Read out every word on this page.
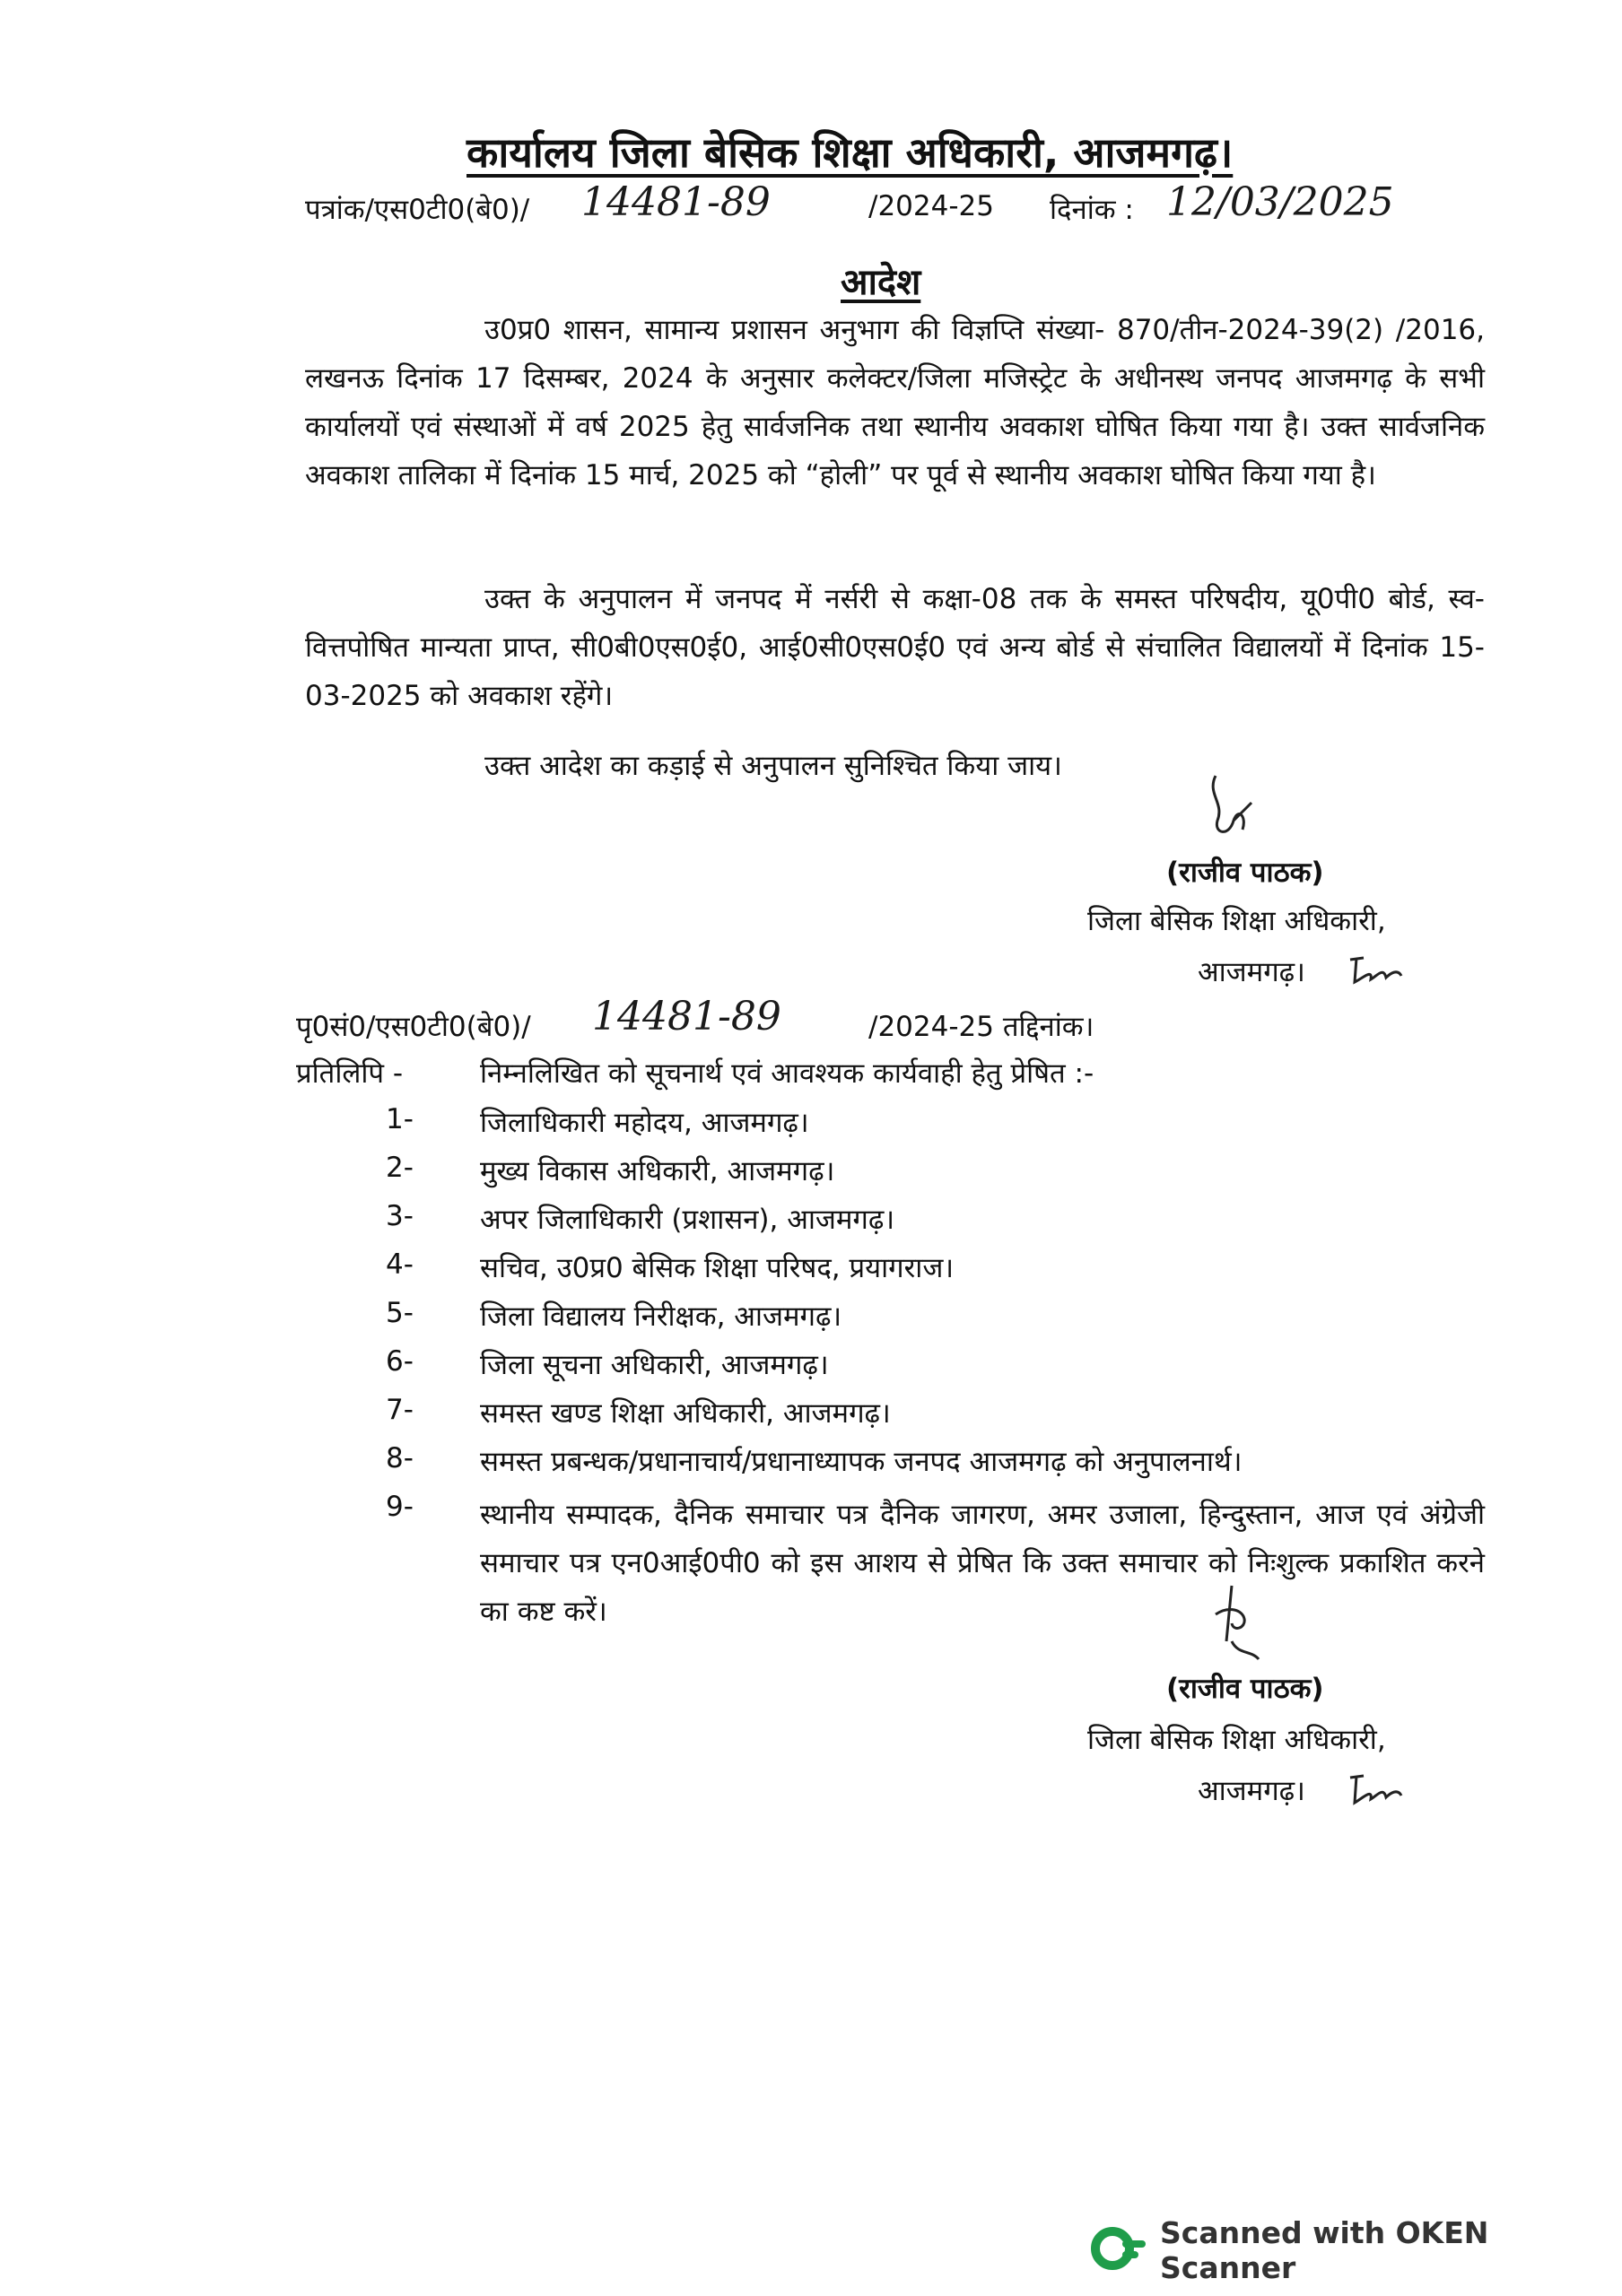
कार्यालय जिला बेसिक शिक्षा अधिकारी, आजमगढ़।
पत्रांक/एस0टी0(बे0)/ 14481-89	/2024-25 दिनांक : 12/03/2025
आदेश
उ0प्र0 शासन, सामान्य प्रशासन अनुभाग की विज्ञप्ति संख्या- 870/तीन-2024-39(2) /2016, लखनऊ दिनांक 17 दिसम्बर, 2024 के अनुसार कलेक्टर/जिला मजिस्ट्रेट के अधीनस्थ जनपद आजमगढ़ के सभी कार्यालयों एवं संस्थाओं में वर्ष 2025 हेतु सार्वजनिक तथा स्थानीय अवकाश घोषित किया गया है। उक्त सार्वजनिक अवकाश तालिका में दिनांक 15 मार्च, 2025 को “होली” पर पूर्व से स्थानीय अवकाश घोषित किया गया है।
उक्त के अनुपालन में जनपद में नर्सरी से कक्षा-08 तक के समस्त परिषदीय, यू0पी0 बोर्ड, स्व-वित्तपोषित मान्यता प्राप्त, सी0बी0एस0ई0, आई0सी0एस0ई0 एवं अन्य बोर्ड से संचालित विद्यालयों में दिनांक 15-03-2025 को अवकाश रहेंगे।
उक्त आदेश का कड़ाई से अनुपालन सुनिश्चित किया जाय।
(राजीव पाठक)
जिला बेसिक शिक्षा अधिकारी,
आजमगढ़।
पृ0सं0/एस0टी0(बे0)/ 14481-89	/2024-25 तद्दिनांक।
प्रतिलिपि -	निम्नलिखित को सूचनार्थ एवं आवश्यक कार्यवाही हेतु प्रेषित :-
1- जिलाधिकारी महोदय, आजमगढ़।
2- मुख्य विकास अधिकारी, आजमगढ़।
3- अपर जिलाधिकारी (प्रशासन), आजमगढ़।
4- सचिव, उ0प्र0 बेसिक शिक्षा परिषद, प्रयागराज।
5- जिला विद्यालय निरीक्षक, आजमगढ़।
6- जिला सूचना अधिकारी, आजमगढ़।
7- समस्त खण्ड शिक्षा अधिकारी, आजमगढ़।
8- समस्त प्रबन्धक/प्रधानाचार्य/प्रधानाध्यापक जनपद आजमगढ़ को अनुपालनार्थ।
9- स्थानीय सम्पादक, दैनिक समाचार पत्र दैनिक जागरण, अमर उजाला, हिन्दुस्तान, आज एवं अंग्रेजी समाचार पत्र एन0आई0पी0 को इस आशय से प्रेषित कि उक्त समाचार को निःशुल्क प्रकाशित करने का कष्ट करें।
(राजीव पाठक)
जिला बेसिक शिक्षा अधिकारी,
आजमगढ़।
Scanned with OKEN Scanner
